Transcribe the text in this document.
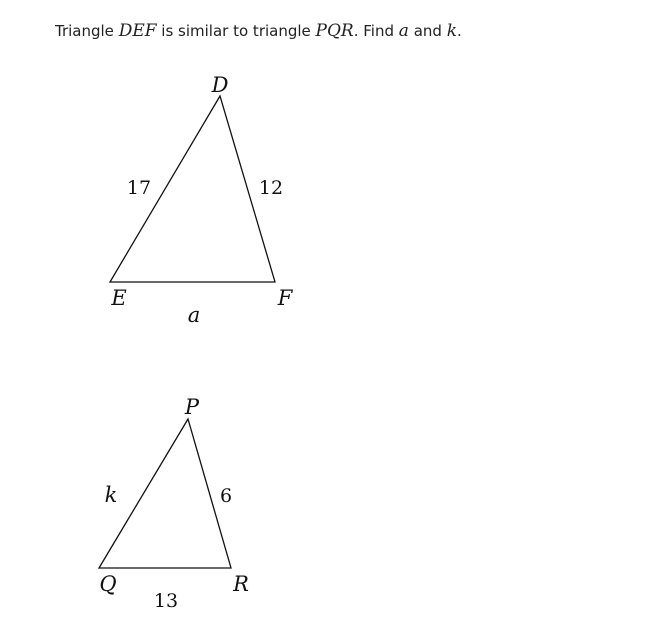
Triangle DEF is similar to triangle PQR. Find a and k.
D
E	F
17	12
a
P
Q	R
k	6
13
